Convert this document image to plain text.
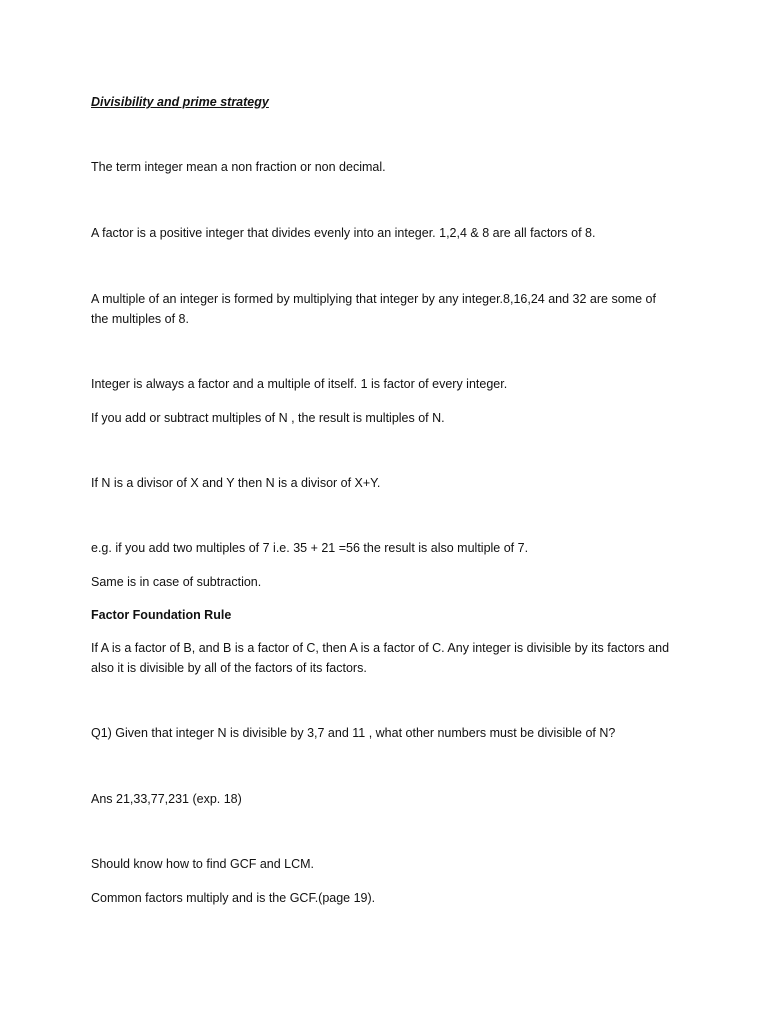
Divisibility and prime strategy
The term integer mean a non fraction or non decimal.
A factor is a positive integer that divides evenly into an integer. 1,2,4 & 8 are all factors of 8.
A multiple of an integer is formed by multiplying that integer by any integer.8,16,24 and 32 are some of
the multiples of 8.
Integer is always a factor and a multiple of itself. 1 is factor of every integer.
If you add or subtract multiples of N , the result is multiples of N.
If N is a divisor of X and Y then N is a divisor of X+Y.
e.g. if you add two multiples of 7 i.e. 35 + 21 =56 the result is also multiple of 7.
Same is in case of subtraction.
Factor Foundation Rule
If A is a factor of B, and B is a factor of C, then A is a factor of C. Any integer is divisible by its factors and
also it is divisible by all of the factors of its factors.
Q1) Given that integer N is divisible by 3,7 and 11 , what other numbers must be divisible of N?
Ans 21,33,77,231 (exp. 18)
Should know how to find GCF and LCM.
Common factors multiply and is the GCF.(page 19).
